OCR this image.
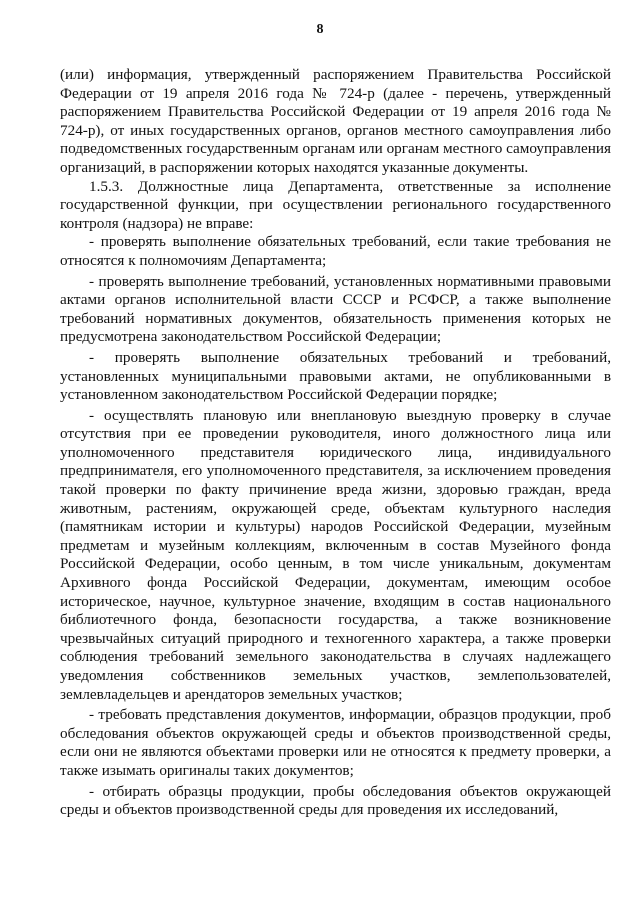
8

(или) информация, утвержденный распоряжением Правительства Российской Федерации от 19 апреля 2016 года № 724-р (далее - перечень, утвержденный распоряжением Правительства Российской Федерации от 19 апреля 2016 года № 724-р), от иных государственных органов, органов местного самоуправления либо подведомственных государственным органам или органам местного самоуправления организаций, в распоряжении которых находятся указанные документы.

1.5.3. Должностные лица Департамента, ответственные за исполнение государственной функции, при осуществлении регионального государственного контроля (надзора) не вправе:

- проверять выполнение обязательных требований, если такие требования не относятся к полномочиям Департамента;

- проверять выполнение требований, установленных нормативными правовыми актами органов исполнительной власти СССР и РСФСР, а также выполнение требований нормативных документов, обязательность применения которых не предусмотрена законодательством Российской Федерации;

- проверять выполнение обязательных требований и требований, установленных муниципальными правовыми актами, не опубликованными в установленном законодательством Российской Федерации порядке;

- осуществлять плановую или внеплановую выездную проверку в случае отсутствия при ее проведении руководителя, иного должностного лица или уполномоченного представителя юридического лица, индивидуального предпринимателя, его уполномоченного представителя, за исключением проведения такой проверки по факту причинение вреда жизни, здоровью граждан, вреда животным, растениям, окружающей среде, объектам культурного наследия (памятникам истории и культуры) народов Российской Федерации, музейным предметам и музейным коллекциям, включенным в состав Музейного фонда Российской Федерации, особо ценным, в том числе уникальным, документам Архивного фонда Российской Федерации, документам, имеющим особое историческое, научное, культурное значение, входящим в состав национального библиотечного фонда, безопасности государства, а также возникновение чрезвычайных ситуаций природного и техногенного характера, а также проверки соблюдения требований земельного законодательства в случаях надлежащего уведомления собственников земельных участков, землепользователей, землевладельцев и арендаторов земельных участков;

- требовать представления документов, информации, образцов продукции, проб обследования объектов окружающей среды и объектов производственной среды, если они не являются объектами проверки или не относятся к предмету проверки, а также изымать оригиналы таких документов;

- отбирать образцы продукции, пробы обследования объектов окружающей среды и объектов производственной среды для проведения их исследований,
